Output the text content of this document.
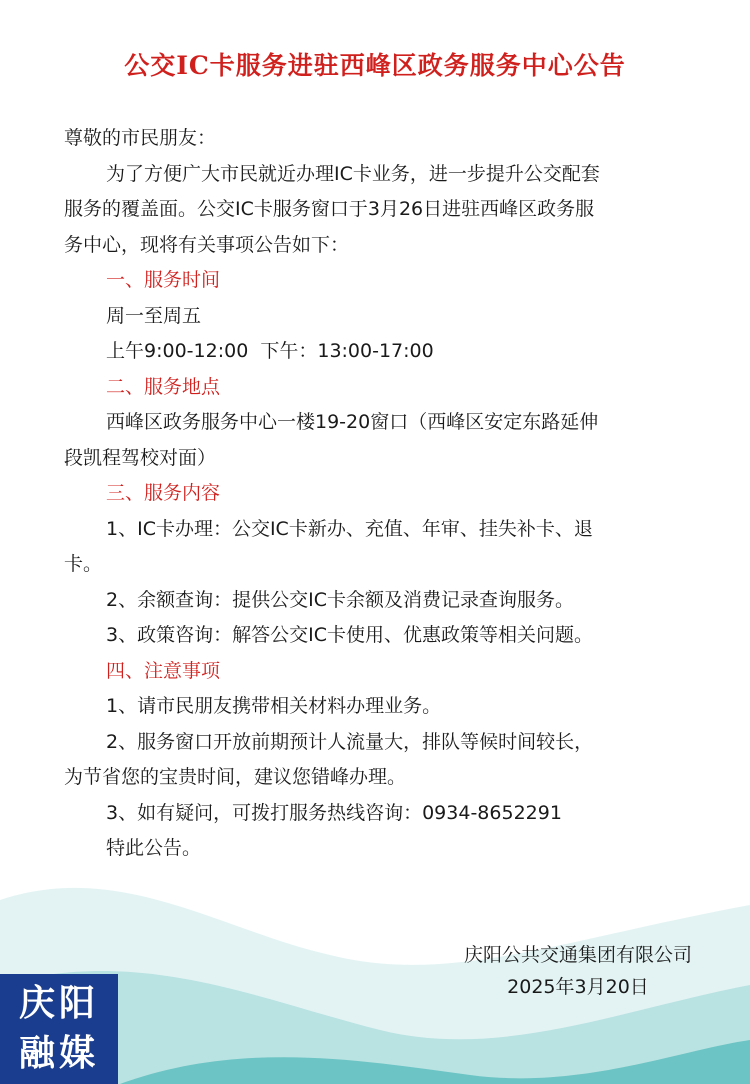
公交IC卡服务进驻西峰区政务服务中心公告
尊敬的市民朋友：
为了方便广大市民就近办理IC卡业务，进一步提升公交配套
服务的覆盖面。公交IC卡服务窗口于3月26日进驻西峰区政务服
务中心，现将有关事项公告如下：
一、服务时间
周一至周五
上午9:00-12:00  下午：13:00-17:00
二、服务地点
西峰区政务服务中心一楼19-20窗口（西峰区安定东路延伸
段凯程驾校对面）
三、服务内容
1、IC卡办理：公交IC卡新办、充值、年审、挂失补卡、退
卡。
2、余额查询：提供公交IC卡余额及消费记录查询服务。
3、政策咨询：解答公交IC卡使用、优惠政策等相关问题。
四、注意事项
1、请市民朋友携带相关材料办理业务。
2、服务窗口开放前期预计人流量大，排队等候时间较长，
为节省您的宝贵时间，建议您错峰办理。
3、如有疑问，可拨打服务热线咨询：0934-8652291
特此公告。
庆阳公共交通集团有限公司
2025年3月20日
庆阳
融媒
